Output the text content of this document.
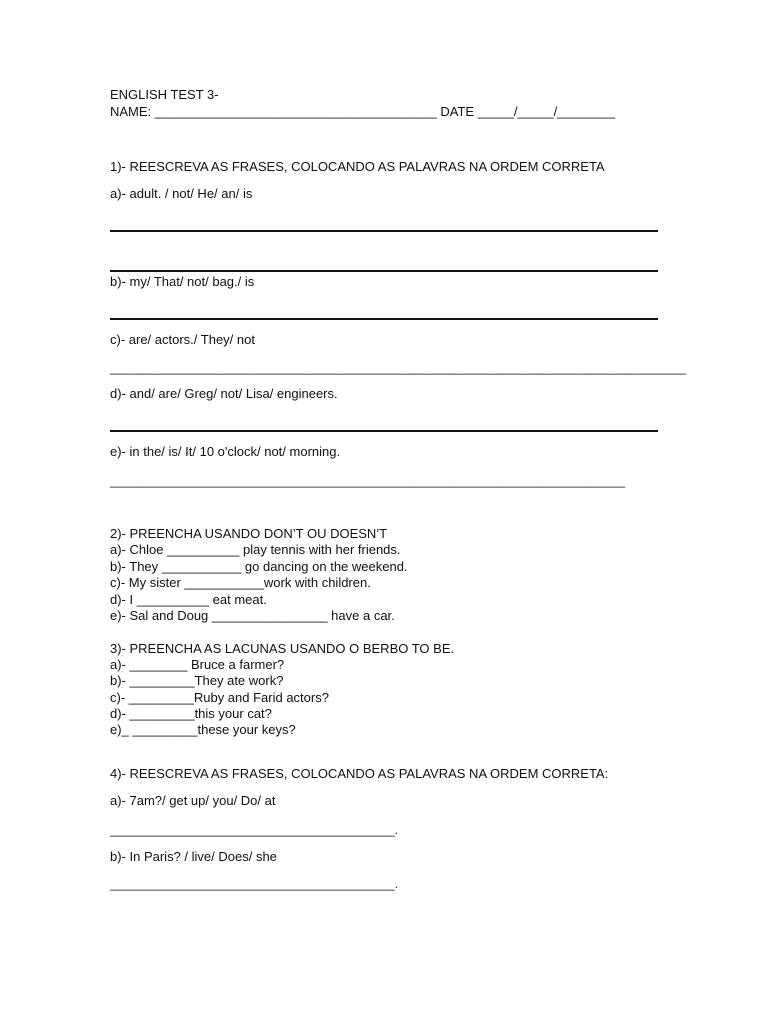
ENGLISH TEST 3-
NAME: _______________________________________ DATE _____/_____/________
1)- REESCREVA AS FRASES, COLOCANDO AS PALAVRAS NA ORDEM CORRETA
a)- adult. / not/ He/ an/ is
b)- my/ That/ not/ bag./ is
c)- are/ actors./ They/ not
_____________________________________________________________________________________
d)- and/ are/ Greg/ not/ Lisa/ engineers.
e)- in the/ is/ It/ 10 o'clock/ not/ morning.
____________________________________________________________________________
2)- PREENCHA USANDO DON’T OU DOESN’T
a)- Chloe __________ play tennis with her friends.
b)- They ___________ go dancing on the weekend.
c)- My sister ___________work with children.
d)- I __________ eat meat.
e)- Sal and Doug ________________ have a car.
3)- PREENCHA AS LACUNAS USANDO O BERBO TO BE.
a)- ________ Bruce a farmer?
b)- _________They ate work?
c)- _________Ruby and Farid actors?
d)- _________this your cat?
e)_ _________these your keys?
4)- REESCREVA AS FRASES, COLOCANDO AS PALAVRAS NA ORDEM CORRETA:
a)- 7am?/ get up/ you/ Do/ at
__________________________________________.
b)- In Paris? / live/ Does/ she
__________________________________________.
